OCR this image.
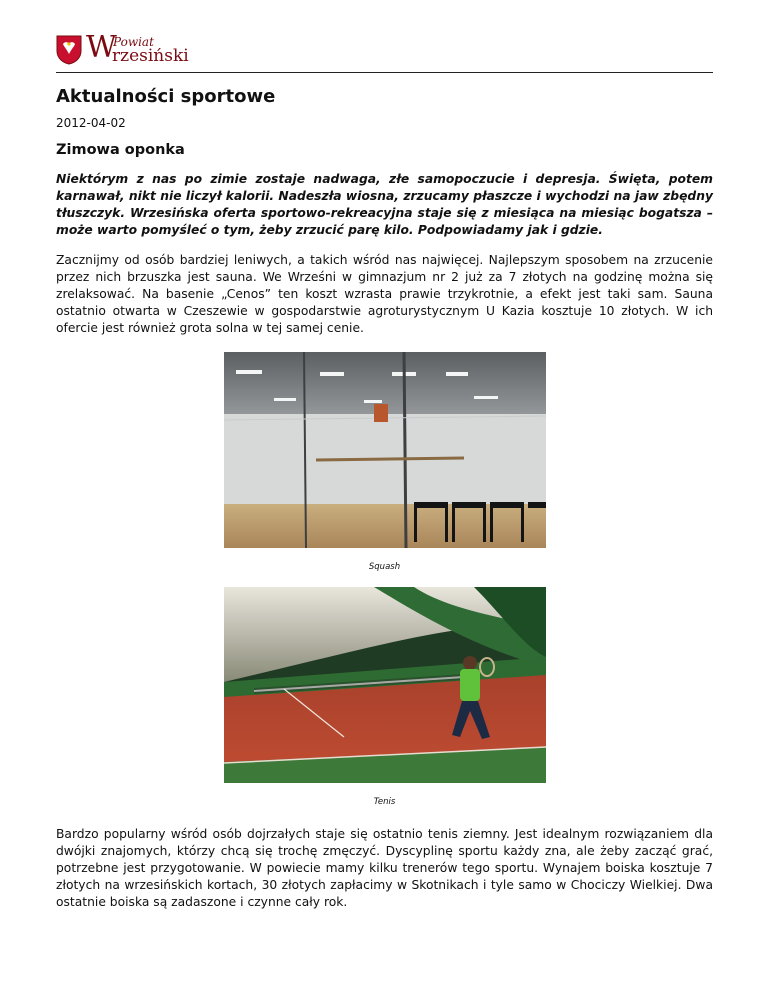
W
Powiat
rzesiński
Aktualności sportowe
2012-04-02
Zimowa oponka
Niektórym z nas po zimie zostaje nadwaga, złe samopoczucie i depresja. Święta, potem karnawał, nikt nie liczył kalorii. Nadeszła wiosna, zrzucamy płaszcze i wychodzi na jaw zbędny tłuszczyk. Wrzesińska oferta sportowo-rekreacyjna staje się z miesiąca na miesiąc bogatsza – może warto pomyśleć o tym, żeby zrzucić parę kilo. Podpowiadamy jak i gdzie.
Zacznijmy od osób bardziej leniwych, a takich wśród nas najwięcej. Najlepszym sposobem na zrzucenie przez nich brzuszka jest sauna. We Wrześni w gimnazjum nr 2 już za 7 złotych na godzinę można się zrelaksować. Na basenie „Cenos” ten koszt wzrasta prawie trzykrotnie, a efekt jest taki sam. Sauna ostatnio otwarta w Czeszewie w gospodarstwie agroturystycznym U Kazia kosztuje 10 złotych. W ich ofercie jest również grota solna w tej samej cenie.
Squash
Tenis
Bardzo popularny wśród osób dojrzałych staje się ostatnio tenis ziemny. Jest idealnym rozwiązaniem dla dwójki znajomych, którzy chcą się trochę zmęczyć. Dyscyplinę sportu każdy zna, ale żeby zacząć grać, potrzebne jest przygotowanie. W powiecie mamy kilku trenerów tego sportu. Wynajem boiska kosztuje 7 złotych na wrzesińskich kortach, 30 złotych zapłacimy w Skotnikach i tyle samo w Chociczy Wielkiej. Dwa ostatnie boiska są zadaszone i czynne cały rok.
